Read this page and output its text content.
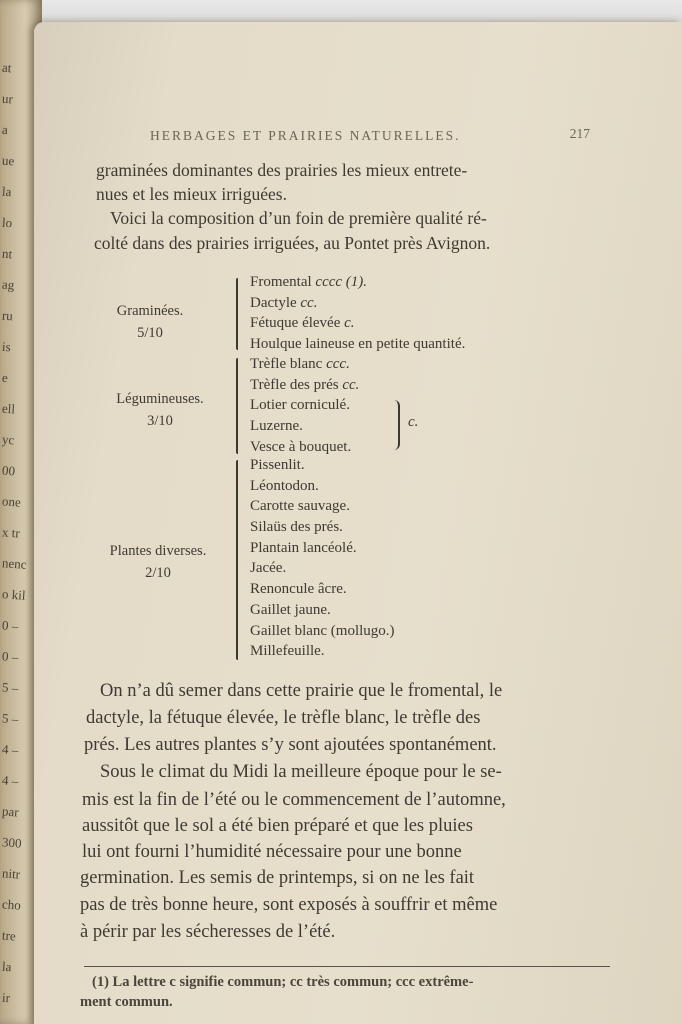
at
ur
a
ue
la
lo
nt
ag
ru
is
e
ell
yc
00
one
x tr
nenc
o kil
0 –
0 –
5 –
5 –
4 –
4 –
par
300
nitr
cho
tre
la
ir
HERBAGES ET PRAIRIES NATURELLES.	217
graminées dominantes des prairies les mieux entrete-
nues et les mieux irriguées.
Voici la composition d’un foin de première qualité ré-
colté dans des prairies irriguées, au Pontet près Avignon.
Graminées.
5/10
Fromental cccc (1).
Dactyle cc.
Fétuque élevée c.
Houlque laineuse en petite quantité.
Légumineuses.
3/10
Trèfle blanc ccc.
Trèfle des prés cc.
Lotier corniculé.
Luzerne.
Vesce à bouquet.
c.
Plantes diverses.
2/10
Pissenlit.
Léontodon.
Carotte sauvage.
Silaüs des prés.
Plantain lancéolé.
Jacée.
Renoncule âcre.
Gaillet jaune.
Gaillet blanc (mollugo.)
Millefeuille.
On n’a dû semer dans cette prairie que le fromental, le
dactyle, la fétuque élevée, le trèfle blanc, le trèfle des
prés. Les autres plantes s’y sont ajoutées spontanément.
Sous le climat du Midi la meilleure époque pour le se-
mis est la fin de l’été ou le commencement de l’automne,
aussitôt que le sol a été bien préparé et que les pluies
lui ont fourni l’humidité nécessaire pour une bonne
germination. Les semis de printemps, si on ne les fait
pas de très bonne heure, sont exposés à souffrir et même
à périr par les sécheresses de l’été.
(1) La lettre c signifie commun; cc très commun; ccc extrême-
ment commun.
